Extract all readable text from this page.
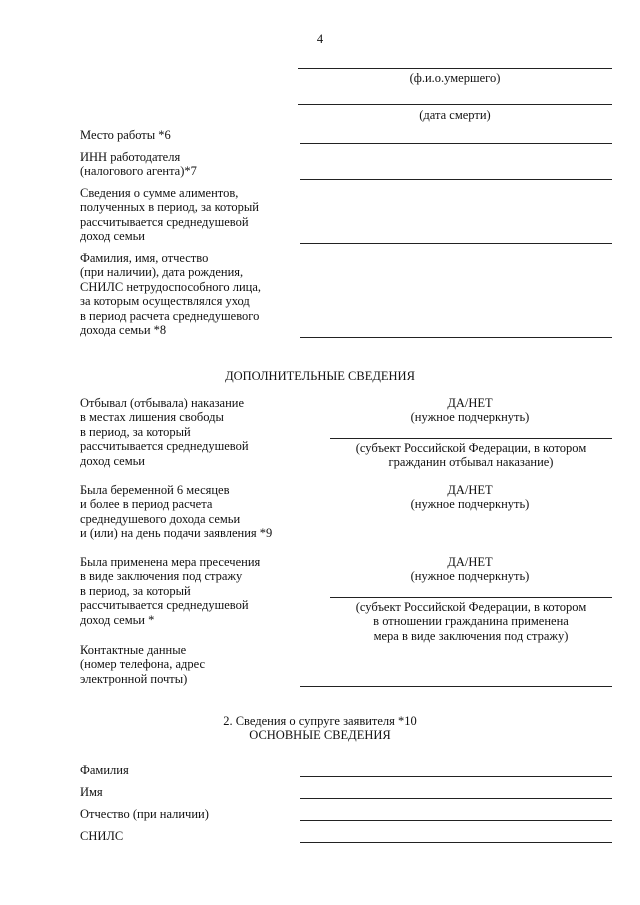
4
(ф.и.о.умершего)
(дата смерти)
Место работы *6
ИНН работодателя
(налогового агента)*7
Сведения о сумме алиментов,
полученных в период, за который
рассчитывается среднедушевой
доход семьи
Фамилия, имя, отчество
(при наличии), дата рождения,
СНИЛС нетрудоспособного лица,
за которым осуществлялся уход
в период расчета среднедушевого
дохода семьи *8
ДОПОЛНИТЕЛЬНЫЕ СВЕДЕНИЯ
Отбывал (отбывала) наказание
в местах лишения свободы
в период, за который
рассчитывается среднедушевой
доход семьи
ДА/НЕТ
(нужное подчеркнуть)
(субъект Российской Федерации, в котором
гражданин отбывал наказание)
Была беременной 6 месяцев
и более в период расчета
среднедушевого дохода семьи
и (или) на день подачи заявления *9
ДА/НЕТ
(нужное подчеркнуть)
Была применена мера пресечения
в виде заключения под стражу
в период, за который
рассчитывается среднедушевой
доход семьи *
ДА/НЕТ
(нужное подчеркнуть)
(субъект Российской Федерации, в котором
в отношении гражданина применена
мера в виде заключения под стражу)
Контактные данные
(номер телефона, адрес
электронной почты)
2. Сведения о супруге заявителя *10
ОСНОВНЫЕ СВЕДЕНИЯ
Фамилия
Имя
Отчество (при наличии)
СНИЛС
